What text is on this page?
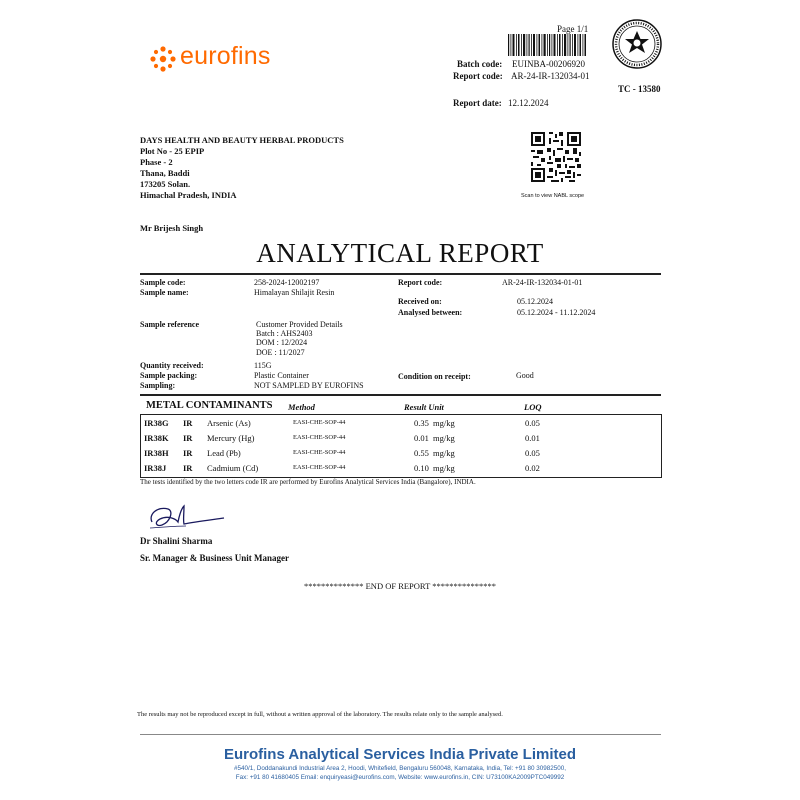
eurofins
Page 1/1
Batch code: EUINBA-00206920
Report code: AR-24-IR-132034-01
Report date: 12.12.2024
TC - 13580
DAYS HEALTH AND BEAUTY HERBAL PRODUCTS
Plot No - 25 EPIP
Phase - 2
Thana, Baddi
173205 Solan.
Himachal Pradesh, INDIA
Mr Brijesh Singh
Scan to view NABL scope
ANALYTICAL REPORT
Sample code:	258-2024-12002197
Sample name:	Himalayan Shilajit Resin
Report code:	AR-24-IR-132034-01-01
Received on:	05.12.2024
Analysed between:	05.12.2024 - 11.12.2024
Sample reference	Customer Provided Details
Batch : AHS2403
DOM : 12/2024
DOE : 11/2027
Quantity received:	115G
Sample packing:	Plastic Container
Sampling:	NOT SAMPLED BY EUROFINS
Condition on receipt:	Good
METAL CONTAMINANTS Method	Result Unit	LOQ
IR38G IR Arsenic (As)	EASI-CHE-SOP-44	0.35 mg/kg	0.05
IR38K IR Mercury (Hg)	EASI-CHE-SOP-44	0.01 mg/kg	0.01
IR38H IR Lead (Pb)	EASI-CHE-SOP-44	0.55 mg/kg	0.05
IR38J IR Cadmium (Cd)	EASI-CHE-SOP-44	0.10 mg/kg	0.02
The tests identified by the two letters code IR are performed by Eurofins Analytical Services India (Bangalore), INDIA.
Dr Shalini Sharma
Sr. Manager & Business Unit Manager
************** END OF REPORT ***************
The results may not be reproduced except in full, without a written approval of the laboratory. The results relate only to the sample analysed.
Eurofins Analytical Services India Private Limited
#540/1, Doddanakundi Industrial Area 2, Hoodi, Whitefield, Bengaluru 560048, Karnataka, India, Tel: +91 80 30982500,
Fax: +91 80 41680405 Email: enquiryeasi@eurofins.com, Website: www.eurofins.in, CIN: U73100KA2009PTC049992
